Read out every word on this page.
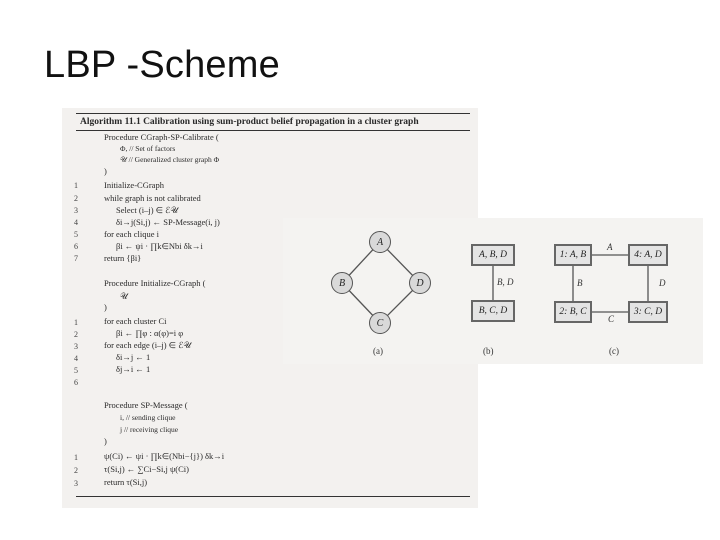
LBP -Scheme
Algorithm 11.1 Calibration using sum-product belief propagation in a cluster graph
Procedure CGraph-SP-Calibrate (
Φ, // Set of factors
𝒰 // Generalized cluster graph Φ
)
1	Initialize-CGraph
2	while graph is not calibrated
3	Select (i–j) ∈ ℰ𝒰
4	δi→j(Si,j) ← SP-Message(i, j)
5	for each clique i
6	βi ← ψi · ∏k∈Nbi δk→i
7	return {βi}
Procedure Initialize-CGraph (
𝒰
)
1	for each cluster Ci
2	βi ← ∏φ : α(φ)=i φ
3	for each edge (i–j) ∈ ℰ𝒰
4	δi→j ← 1
5	δj→i ← 1
6
Procedure SP-Message (
i, // sending clique
j // receiving clique
)
1	ψ(Ci) ← ψi · ∏k∈(Nbi−{j}) δk→i
2	τ(Si,j) ← ∑Ci−Si,j ψ(Ci)
3	return τ(Si,j)
A
B	D
C
(a)
A, B, D
B, C, D
B, D
(b)
1: A, B	4: A, D
2: B, C	3: C, D
A
B	D
C
(c)
